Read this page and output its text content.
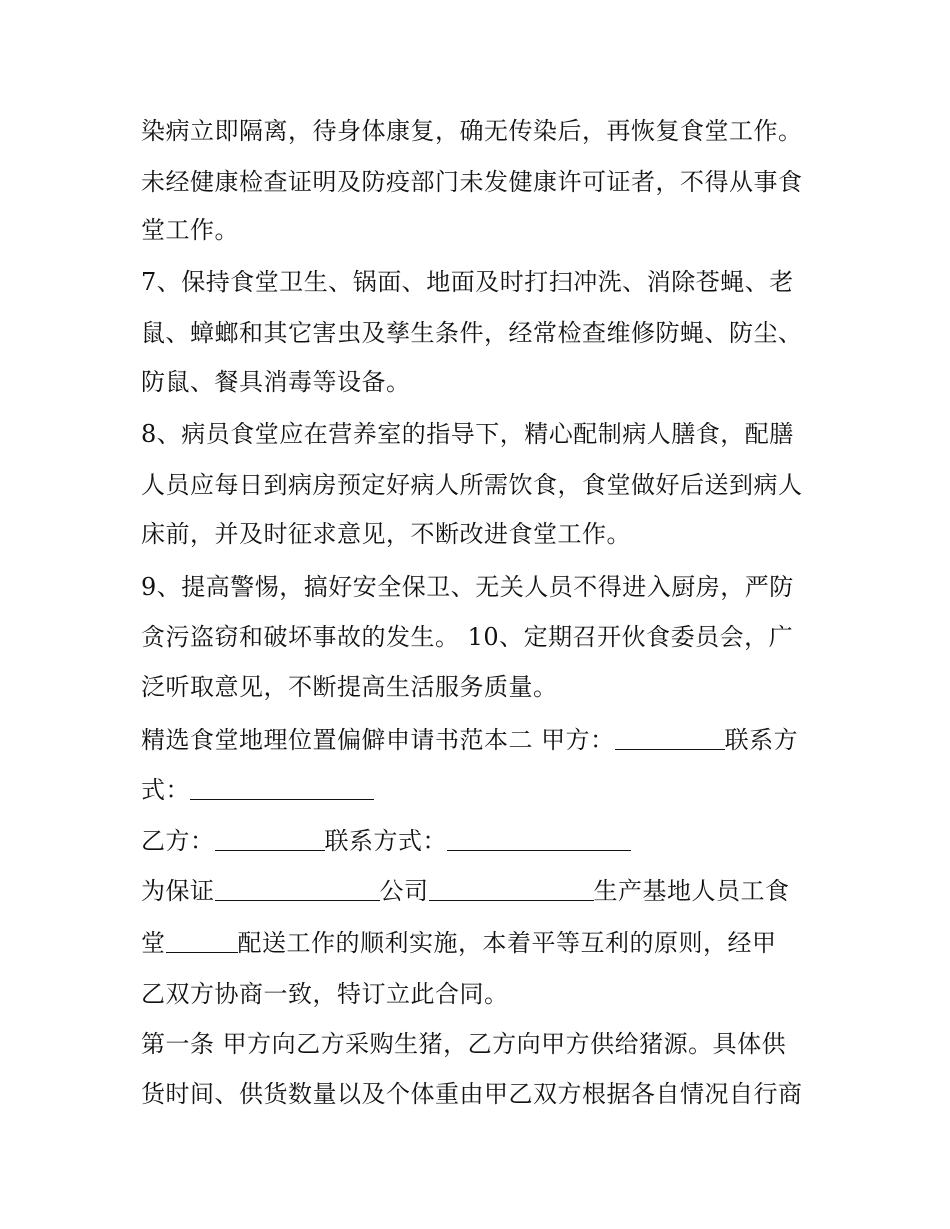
染病立即隔离，待身体康复，确无传染后，再恢复食堂工作。
未经健康检查证明及防疫部门未发健康许可证者，不得从事食
堂工作。
7、保持食堂卫生、锅面、地面及时打扫冲洗、消除苍蝇、老
鼠、蟑螂和其它害虫及孳生条件，经常检查维修防蝇、防尘、
防鼠、餐具消毒等设备。
8、病员食堂应在营养室的指导下，精心配制病人膳食，配膳
人员应每日到病房预定好病人所需饮食，食堂做好后送到病人
床前，并及时征求意见，不断改进食堂工作。
9、提高警惕，搞好安全保卫、无关人员不得进入厨房，严防
贪污盗窃和破坏事故的发生。 10、定期召开伙食委员会，广
泛听取意见，不断提高生活服务质量。
精选食堂地理位置偏僻申请书范本二 甲方：	联系方
式：
乙方：	联系方式：
为保证	公司	生产基地人员工食
堂	配送工作的顺利实施，本着平等互利的原则，经甲
乙双方协商一致，特订立此合同。
第一条 甲方向乙方采购生猪，乙方向甲方供给猪源。具体供
货时间、供货数量以及个体重由甲乙双方根据各自情况自行商
